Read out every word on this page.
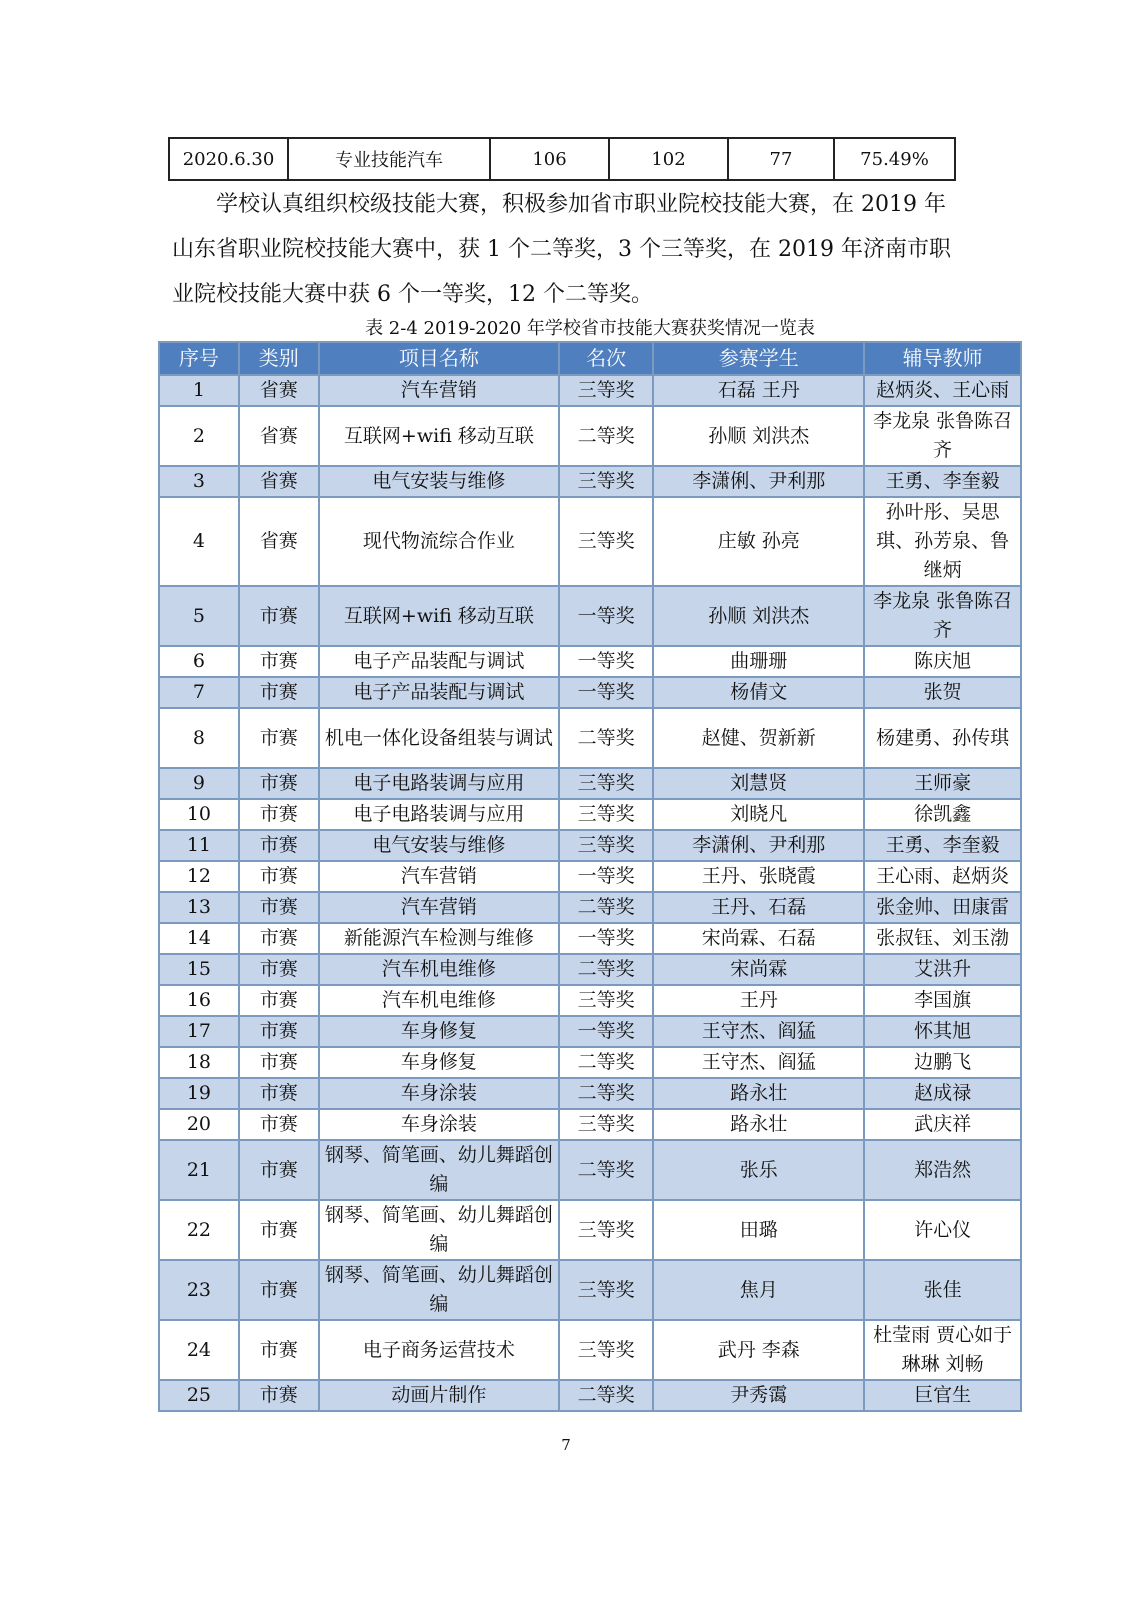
2020.6.30	专业技能汽车	106	102	77	75.49%

学校认真组织校级技能大赛，积极参加省市职业院校技能大赛，在 2019 年
山东省职业院校技能大赛中，获 1 个二等奖，3 个三等奖，在 2019 年济南市职
业院校技能大赛中获 6 个一等奖，12 个二等奖。

表 2-4 2019-2020 年学校省市技能大赛获奖情况一览表
序号	类别	项目名称	名次	参赛学生	辅导教师
1	省赛	汽车营销	三等奖	石磊 王丹	赵炳炎、王心雨
2	省赛	互联网+wifi 移动互联	二等奖	孙顺 刘洪杰	李龙泉 张鲁陈召齐
3	省赛	电气安装与维修	三等奖	李潇俐、尹利那	王勇、李奎毅
4	省赛	现代物流综合作业	三等奖	庄敏 孙亮	孙叶彤、吴思琪、孙芳泉、鲁继炳
5	市赛	互联网+wifi 移动互联	一等奖	孙顺 刘洪杰	李龙泉 张鲁陈召齐
6	市赛	电子产品装配与调试	一等奖	曲珊珊	陈庆旭
7	市赛	电子产品装配与调试	一等奖	杨倩文	张贺
8	市赛	机电一体化设备组装与调试	二等奖	赵健、贺新新	杨建勇、孙传琪
9	市赛	电子电路装调与应用	三等奖	刘慧贤	王师豪
10	市赛	电子电路装调与应用	三等奖	刘晓凡	徐凯鑫
11	市赛	电气安装与维修	三等奖	李潇俐、尹利那	王勇、李奎毅
12	市赛	汽车营销	一等奖	王丹、张晓霞	王心雨、赵炳炎
13	市赛	汽车营销	二等奖	王丹、石磊	张金帅、田康雷
14	市赛	新能源汽车检测与维修	一等奖	宋尚霖、石磊	张叔钰、刘玉渤
15	市赛	汽车机电维修	二等奖	宋尚霖	艾洪升
16	市赛	汽车机电维修	三等奖	王丹	李国旗
17	市赛	车身修复	一等奖	王守杰、阎猛	怀其旭
18	市赛	车身修复	二等奖	王守杰、阎猛	边鹏飞
19	市赛	车身涂装	二等奖	路永壮	赵成禄
20	市赛	车身涂装	三等奖	路永壮	武庆祥
21	市赛	钢琴、简笔画、幼儿舞蹈创编	二等奖	张乐	郑浩然
22	市赛	钢琴、简笔画、幼儿舞蹈创编	三等奖	田璐	许心仪
23	市赛	钢琴、简笔画、幼儿舞蹈创编	三等奖	焦月	张佳
24	市赛	电子商务运营技术	三等奖	武丹 李森	杜莹雨 贾心如于琳琳 刘畅
25	市赛	动画片制作	二等奖	尹秀霭	巨官生
7
